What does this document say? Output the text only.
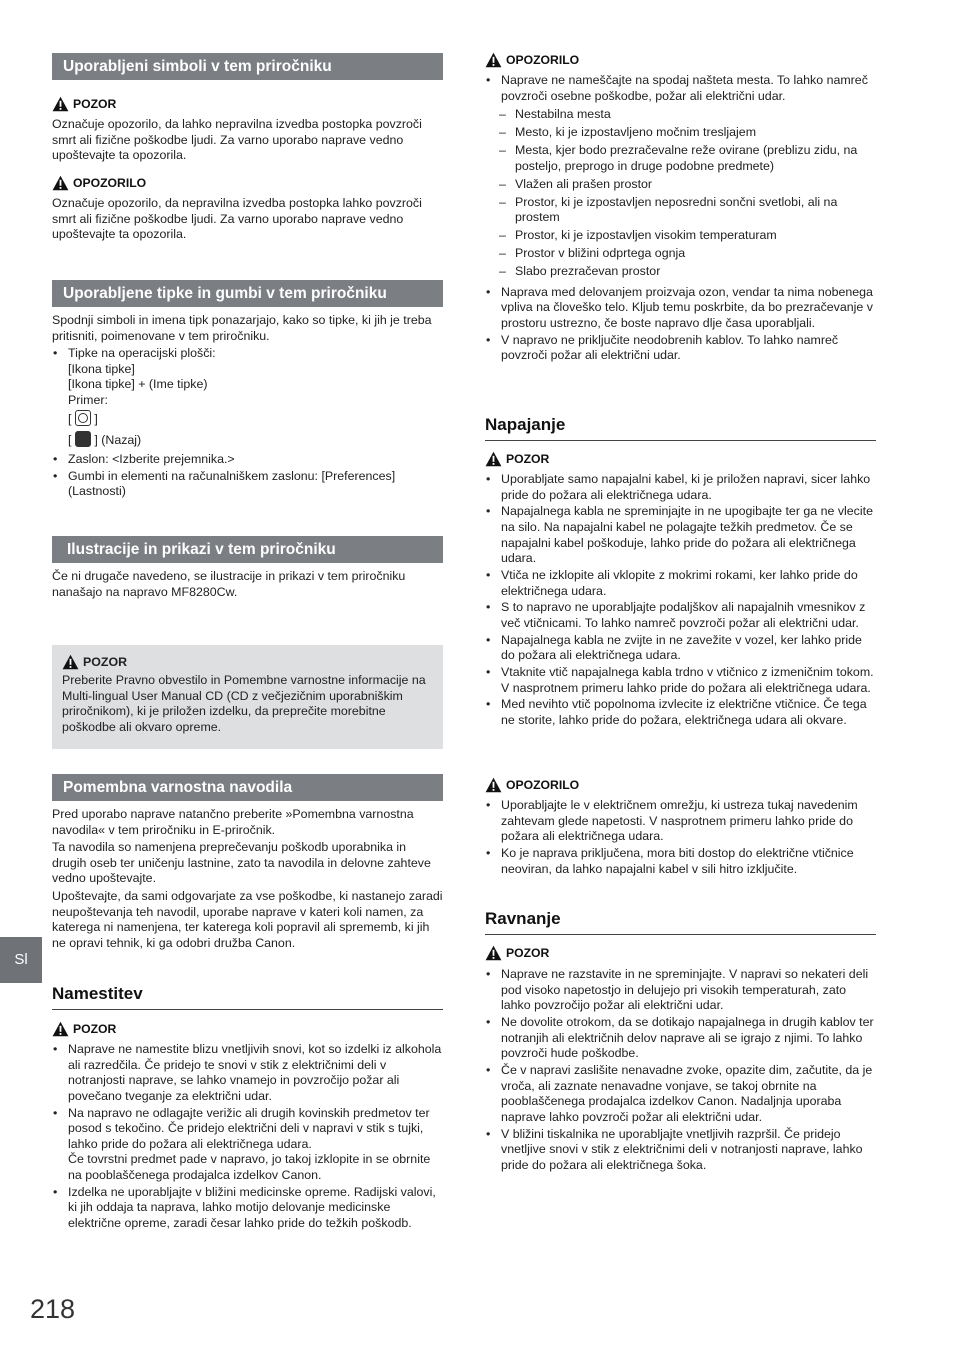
Uporabljeni simboli v tem priročniku
POZOR
Označuje opozorilo, da lahko nepravilna izvedba postopka povzroči smrt ali fizične poškodbe ljudi. Za varno uporabo naprave vedno upoštevajte ta opozorila.
OPOZORILO
Označuje opozorilo, da nepravilna izvedba postopka lahko povzroči smrt ali fizične poškodbe ljudi. Za varno uporabo naprave vedno upoštevajte ta opozorila.
Uporabljene tipke in gumbi v tem priročniku

Spodnji simboli in imena tipk ponazarjajo, kako so tipke, ki jih je treba pritisniti, poimenovane v tem priročniku.

• Tipke na operacijski plošči:
[Ikona tipke]
[Ikona tipke] + (Ime tipke)
Primer:
[ ]
[ ] (Nazaj)
• Zaslon: <Izberite prejemnika.>
• Gumbi in elementi na računalniškem zaslonu: [Preferences] (Lastnosti)
Ilustracije in prikazi v tem priročniku
Če ni drugače navedeno, se ilustracije in prikazi v tem priročniku nanašajo na napravo MF8280Cw.
POZOR

Preberite Pravno obvestilo in Pomembne varnostne informacije na Multi-lingual User Manual CD (CD z večjezičnim uporabniškim priročnikom), ki je priložen izdelku, da preprečite morebitne poškodbe ali okvaro opreme.

Pomembna varnostna navodila

Pred uporabo naprave natančno preberite »Pomembna varnostna navodila« v tem priročniku in E-priročnik.

Ta navodila so namenjena preprečevanju poškodb uporabnika in drugih oseb ter uničenju lastnine, zato ta navodila in delovne zahteve vedno upoštevajte.

Upoštevajte, da sami odgovarjate za vse poškodbe, ki nastanejo zaradi neupoštevanja teh navodil, uporabe naprave v kateri koli namen, za katerega ni namenjena, ter katerega koli popravil ali sprememb, ki jih ne opravi tehnik, ki ga odobri družba Canon.

Namestitev
POZOR
• Naprave ne namestite blizu vnetljivih snovi, kot so izdelki iz alkohola ali razredčila. Če pridejo te snovi v stik z električnimi deli v notranjosti naprave, se lahko vnamejo in povzročijo požar ali povečano tveganje za električni udar.
• Na napravo ne odlagajte verižic ali drugih kovinskih predmetov ter posod s tekočino. Če pridejo električni deli v napravi v stik s tujki, lahko pride do požara ali električnega udara.
Če tovrstni predmet pade v napravo, jo takoj izklopite in se obrnite na pooblaščenega prodajalca izdelkov Canon.
• Izdelka ne uporabljajte v bližini medicinske opreme. Radijski valovi, ki jih oddaja ta naprava, lahko motijo delovanje medicinske električne opreme, zaradi česar lahko pride do težkih poškodb.
Sl
218
OPOZORILO
• Naprave ne nameščajte na spodaj našteta mesta. To lahko namreč povzroči osebne poškodbe, požar ali električni udar.
– Nestabilna mesta
– Mesto, ki je izpostavljeno močnim tresljajem
– Mesta, kjer bodo prezračevalne reže ovirane (preblizu zidu, na posteljo, preprogo in druge podobne predmete)
– Vlažen ali prašen prostor
– Prostor, ki je izpostavljen neposredni sončni svetlobi, ali na prostem
– Prostor, ki je izpostavljen visokim temperaturam
– Prostor v bližini odprtega ognja
– Slabo prezračevan prostor
• Naprava med delovanjem proizvaja ozon, vendar ta nima nobenega vpliva na človeško telo. Kljub temu poskrbite, da bo prezračevanje v prostoru ustrezno, če boste napravo dlje časa uporabljali.
• V napravo ne priključite neodobrenih kablov. To lahko namreč povzroči požar ali električni udar.
Napajanje
POZOR
• Uporabljate samo napajalni kabel, ki je priložen napravi, sicer lahko pride do požara ali električnega udara.
• Napajalnega kabla ne spreminjajte in ne upogibajte ter ga ne vlecite na silo. Na napajalni kabel ne polagajte težkih predmetov. Če se napajalni kabel poškoduje, lahko pride do požara ali električnega udara.
• Vtiča ne izklopite ali vklopite z mokrimi rokami, ker lahko pride do električnega udara.
• S to napravo ne uporabljajte podaljškov ali napajalnih vmesnikov z več vtičnicami. To lahko namreč povzroči požar ali električni udar.
• Napajalnega kabla ne zvijte in ne zavežite v vozel, ker lahko pride do požara ali električnega udara.
• Vtaknite vtič napajalnega kabla trdno v vtičnico z izmeničnim tokom. V nasprotnem primeru lahko pride do požara ali električnega udara.
• Med nevihto vtič popolnoma izvlecite iz električne vtičnice. Če tega ne storite, lahko pride do požara, električnega udara ali okvare.
OPOZORILO
• Uporabljajte le v električnem omrežju, ki ustreza tukaj navedenim zahtevam glede napetosti. V nasprotnem primeru lahko pride do požara ali električnega udara.
• Ko je naprava priključena, mora biti dostop do električne vtičnice neoviran, da lahko napajalni kabel v sili hitro izključite.
Ravnanje
POZOR
• Naprave ne razstavite in ne spreminjajte. V napravi so nekateri deli pod visoko napetostjo in delujejo pri visokih temperaturah, zato lahko povzročijo požar ali električni udar.
• Ne dovolite otrokom, da se dotikajo napajalnega in drugih kablov ter notranjih ali električnih delov naprave ali se igrajo z njimi. To lahko povzroči hude poškodbe.
• Če v napravi zaslišite nenavadne zvoke, opazite dim, začutite, da je vroča, ali zaznate nenavadne vonjave, se takoj obrnite na pooblaščenega prodajalca izdelkov Canon. Nadaljnja uporaba naprave lahko povzroči požar ali električni udar.
• V bližini tiskalnika ne uporabljajte vnetljivih razpršil. Če pridejo vnetljive snovi v stik z električnimi deli v notranjosti naprave, lahko pride do požara ali električnega šoka.
